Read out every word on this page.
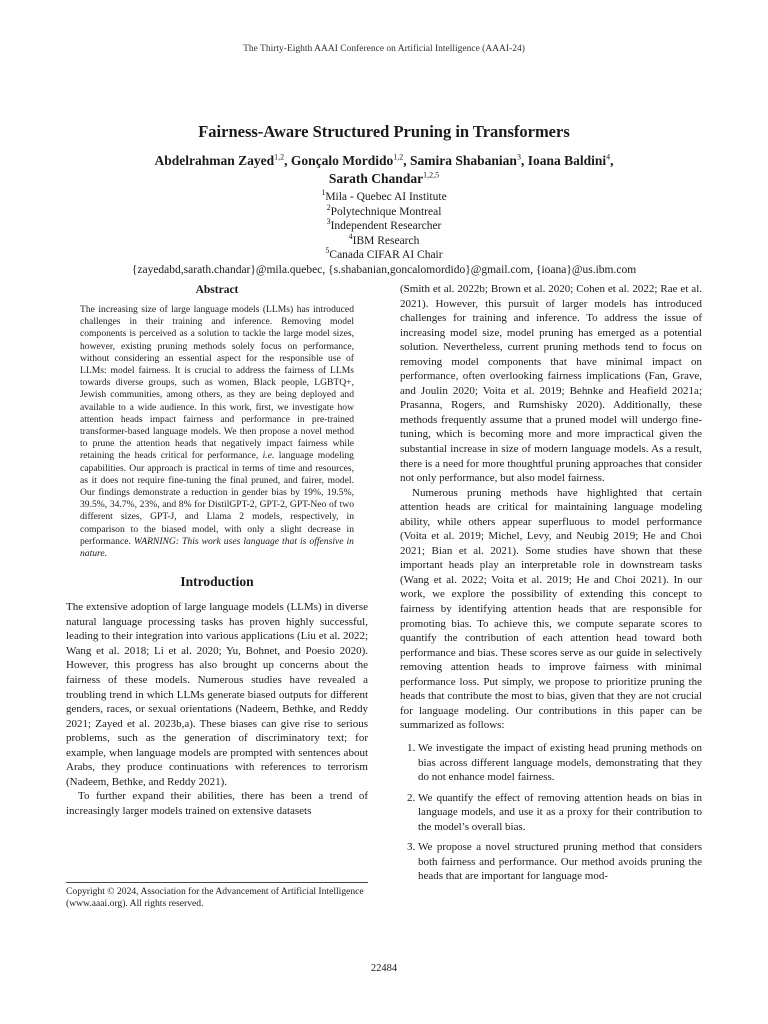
The Thirty-Eighth AAAI Conference on Artificial Intelligence (AAAI-24)
Fairness-Aware Structured Pruning in Transformers
Abdelrahman Zayed$^{1,2}$, Gonçalo Mordido$^{1,2}$, Samira Shabanian$^3$, Ioana Baldini$^4$,
Sarath Chandar$^{1,2,5}$
$^1$Mila - Quebec AI Institute
$^2$Polytechnique Montreal
$^3$Independent Researcher
$^4$IBM Research
$^5$Canada CIFAR AI Chair
{zayedabd,sarath.chandar}@mila.quebec, {s.shabanian,goncalomordido}@gmail.com, {ioana}@us.ibm.com
Abstract

The increasing size of large language models (LLMs) has introduced challenges in their training and inference. Removing model components is perceived as a solution to tackle the large model sizes, however, existing pruning methods solely focus on performance, without considering an essential aspect for the responsible use of LLMs: model fairness. It is crucial to address the fairness of LLMs towards diverse groups, such as women, Black people, LGBTQ+, Jewish communities, among others, as they are being deployed and available to a wide audience. In this work, first, we investigate how attention heads impact fairness and performance in pre-trained transformer-based language models. We then propose a novel method to prune the attention heads that negatively impact fairness while retaining the heads critical for performance, i.e. language modeling capabilities. Our approach is practical in terms of time and resources, as it does not require fine-tuning the final pruned, and fairer, model. Our findings demonstrate a reduction in gender bias by 19%, 19.5%, 39.5%, 34.7%, 23%, and 8% for DistilGPT-2, GPT-2, GPT-Neo of two different sizes, GPT-J, and Llama 2 models, respectively, in comparison to the biased model, with only a slight decrease in performance. WARNING: This work uses language that is offensive in nature.

Introduction

The extensive adoption of large language models (LLMs) in diverse natural language processing tasks has proven highly successful, leading to their integration into various applications (Liu et al. 2022; Wang et al. 2018; Li et al. 2020; Yu, Bohnet, and Poesio 2020). However, this progress has also brought up concerns about the fairness of these models. Numerous studies have revealed a troubling trend in which LLMs generate biased outputs for different genders, races, or sexual orientations (Nadeem, Bethke, and Reddy 2021; Zayed et al. 2023b,a). These biases can give rise to serious problems, such as the generation of discriminatory text; for example, when language models are prompted with sentences about Arabs, they produce continuations with references to terrorism (Nadeem, Bethke, and Reddy 2021).

To further expand their abilities, there has been a trend of increasingly larger models trained on extensive datasets

Copyright © 2024, Association for the Advancement of Artificial Intelligence (www.aaai.org). All rights reserved.

(Smith et al. 2022b; Brown et al. 2020; Cohen et al. 2022; Rae et al. 2021). However, this pursuit of larger models has introduced challenges for training and inference. To address the issue of increasing model size, model pruning has emerged as a potential solution. Nevertheless, current pruning methods tend to focus on removing model components that have minimal impact on performance, often overlooking fairness implications (Fan, Grave, and Joulin 2020; Voita et al. 2019; Behnke and Heafield 2021a; Prasanna, Rogers, and Rumshisky 2020). Additionally, these methods frequently assume that a pruned model will undergo fine-tuning, which is becoming more and more impractical given the substantial increase in size of modern language models. As a result, there is a need for more thoughtful pruning approaches that consider not only performance, but also model fairness.

Numerous pruning methods have highlighted that certain attention heads are critical for maintaining language modeling ability, while others appear superfluous to model performance (Voita et al. 2019; Michel, Levy, and Neubig 2019; He and Choi 2021; Bian et al. 2021). Some studies have shown that these important heads play an interpretable role in downstream tasks (Wang et al. 2022; Voita et al. 2019; He and Choi 2021). In our work, we explore the possibility of extending this concept to fairness by identifying attention heads that are responsible for promoting bias. To achieve this, we compute separate scores to quantify the contribution of each attention head toward both performance and bias. These scores serve as our guide in selectively removing attention heads to improve fairness with minimal performance loss. Put simply, we propose to prioritize pruning the heads that contribute the most to bias, given that they are not crucial for language modeling. Our contributions in this paper can be summarized as follows:

1. We investigate the impact of existing head pruning methods on bias across different language models, demonstrating that they do not enhance model fairness.
2. We quantify the effect of removing attention heads on bias in language models, and use it as a proxy for their contribution to the model’s overall bias.
3. We propose a novel structured pruning method that considers both fairness and performance. Our method avoids pruning the heads that are important for language mod-
22484
